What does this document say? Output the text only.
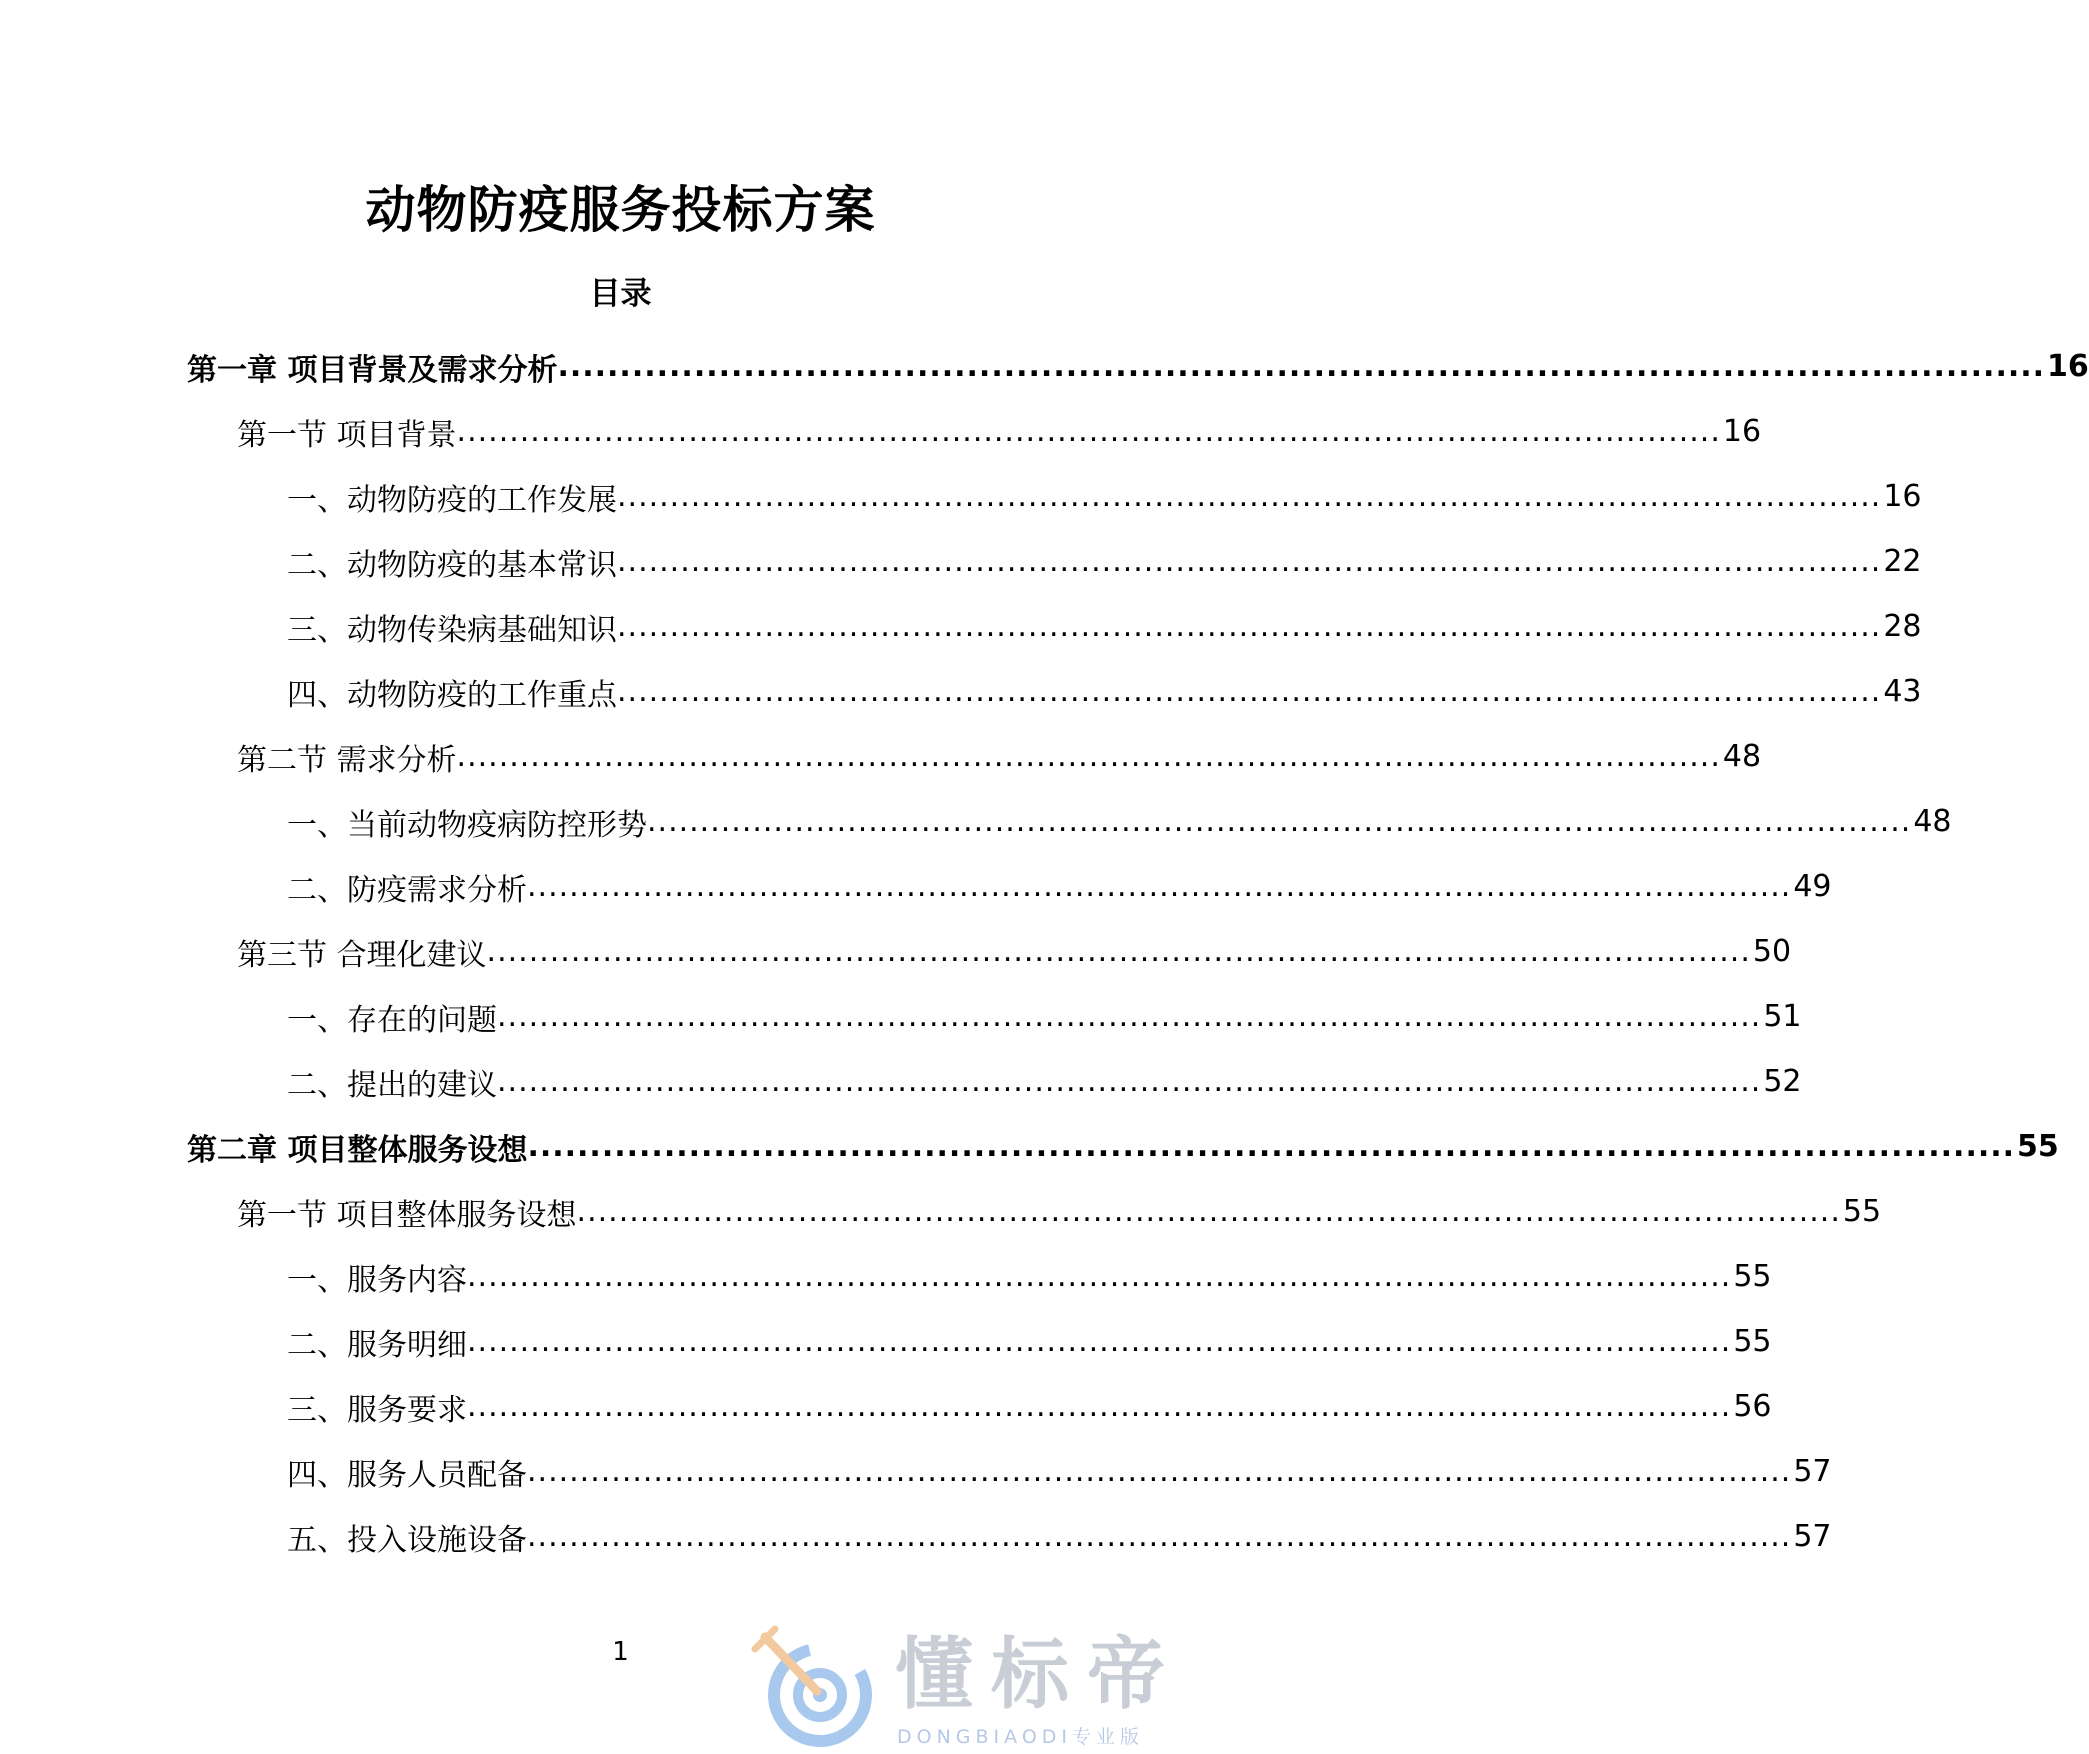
动物防疫服务投标方案
目录
第一章 项目背景及需求分析 ........................................................................................................................ 16
第一节 项目背景 ........................................................................................................................ 16
一、动物防疫的工作发展 ........................................................................................................................ 16
二、动物防疫的基本常识 ........................................................................................................................ 22
三、动物传染病基础知识 ........................................................................................................................ 28
四、动物防疫的工作重点 ........................................................................................................................ 43
第二节 需求分析 ........................................................................................................................ 48
一、当前动物疫病防控形势 ........................................................................................................................ 48
二、防疫需求分析 ........................................................................................................................ 49
第三节 合理化建议 ........................................................................................................................ 50
一、存在的问题 ........................................................................................................................ 51
二、提出的建议 ........................................................................................................................ 52
第二章 项目整体服务设想 ........................................................................................................................ 55
第一节 项目整体服务设想 ........................................................................................................................ 55
一、服务内容 ........................................................................................................................ 55
二、服务明细 ........................................................................................................................ 55
三、服务要求 ........................................................................................................................ 56
四、服务人员配备 ........................................................................................................................ 57
五、投入设施设备 ........................................................................................................................ 57
1	懂标帝
DONGBIAODI专业版
